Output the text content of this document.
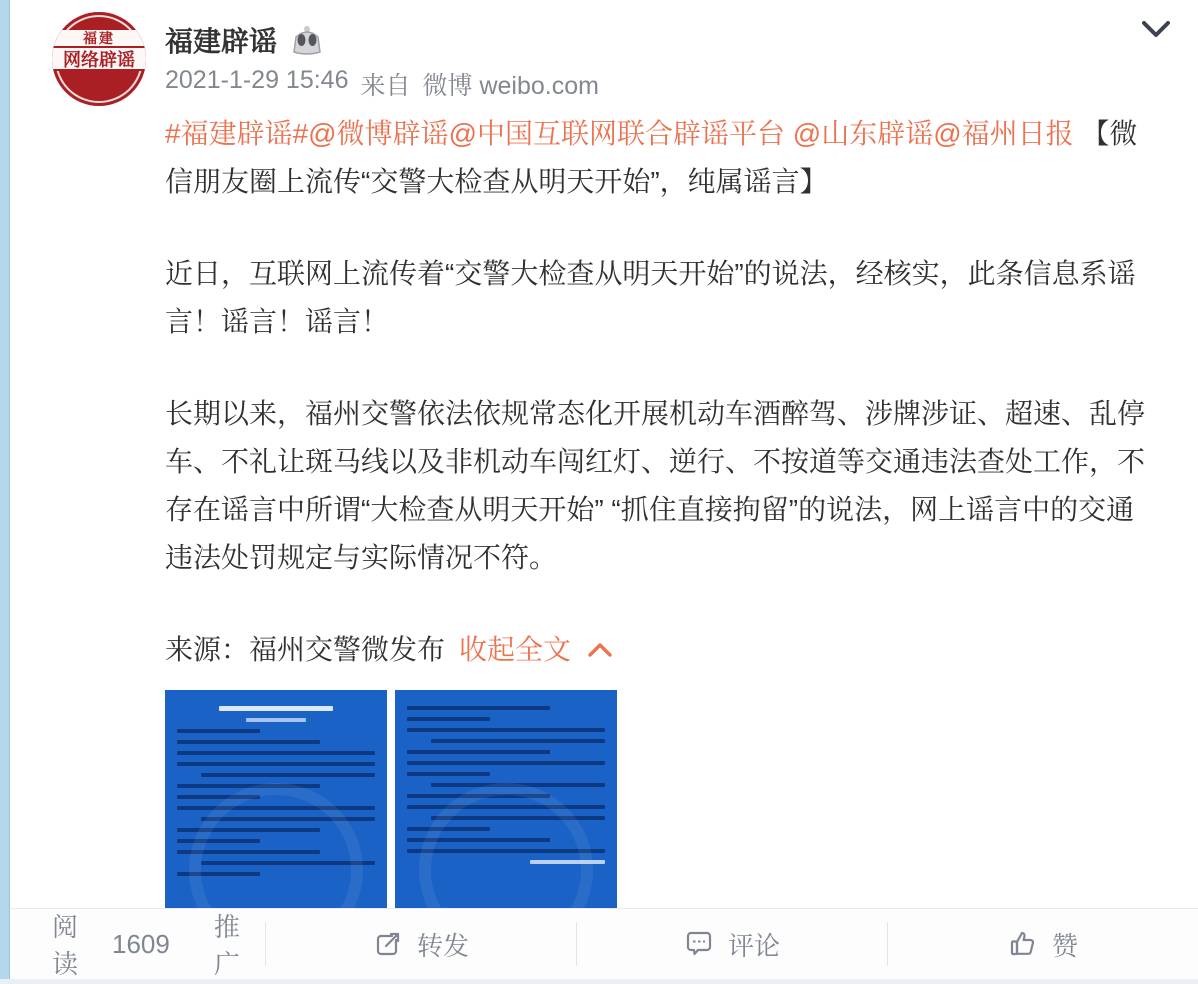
福建
网络辟谣
福建辟谣
2021-1-29 15:46 来自 微博 weibo.com
#福建辟谣#@微博辟谣@中国互联网联合辟谣平台 @山东辟谣@福州日报 【微信朋友圈上流传“交警大检查从明天开始”，纯属谣言】
近日，互联网上流传着“交警大检查从明天开始”的说法，经核实，此条信息系谣言！谣言！谣言！
长期以来，福州交警依法依规常态化开展机动车酒醉驾、涉牌涉证、超速、乱停车、不礼让斑马线以及非机动车闯红灯、逆行、不按道等交通违法查处工作，不存在谣言中所谓“大检查从明天开始” “抓住直接拘留”的说法，网上谣言中的交通违法处罚规定与实际情况不符。
来源：福州交警微发布 收起全文
阅读
1609
推广
转发	评论	赞
